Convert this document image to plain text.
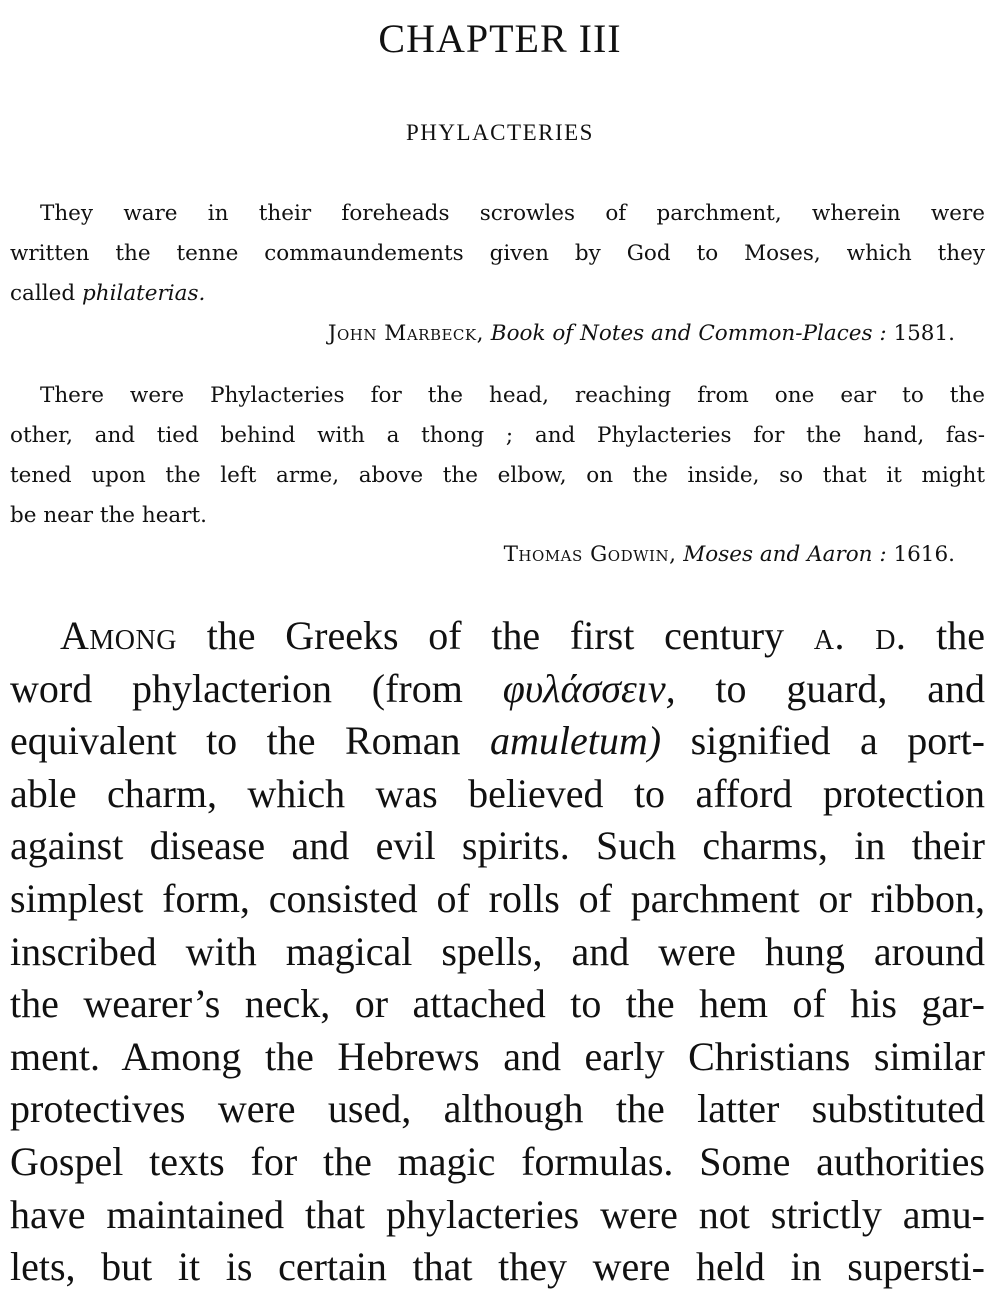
CHAPTER III
PHYLACTERIES
They ware in their foreheads scrowles of parchment, wherein were
written the tenne commaundements given by God to Moses, which they
called philaterias.
John Marbeck, Book of Notes and Common-Places : 1581.
There were Phylacteries for the head, reaching from one ear to the
other, and tied behind with a thong ; and Phylacteries for the hand, fas-
tened upon the left arme, above the elbow, on the inside, so that it might
be near the heart.
Thomas Godwin, Moses and Aaron : 1616.
Among the Greeks of the first century a. d. the
word phylacterion (from φυλάσσειν, to guard, and
equivalent to the Roman amuletum) signified a port-
able charm, which was believed to afford protection
against disease and evil spirits. Such charms, in their
simplest form, consisted of rolls of parchment or ribbon,
inscribed with magical spells, and were hung around
the wearer’s neck, or attached to the hem of his gar-
ment. Among the Hebrews and early Christians similar
protectives were used, although the latter substituted
Gospel texts for the magic formulas. Some authorities
have maintained that phylacteries were not strictly amu-
lets, but it is certain that they were held in supersti-
